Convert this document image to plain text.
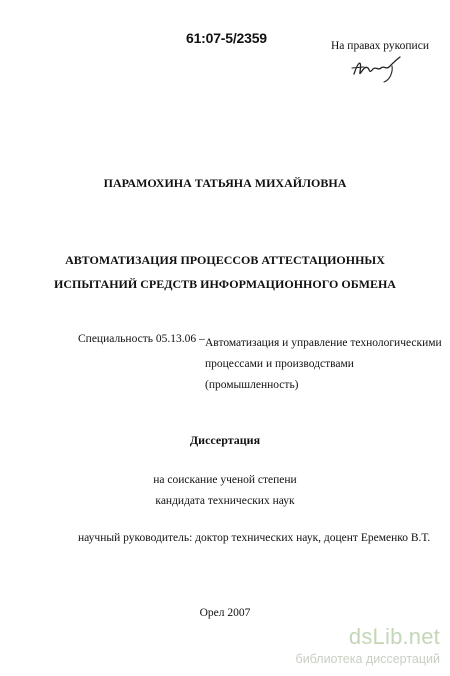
61:07-5/2359	На правах рукописи
ПАРАМОХИНА ТАТЬЯНА МИХАЙЛОВНА
АВТОМАТИЗАЦИЯ ПРОЦЕССОВ АТТЕСТАЦИОННЫХ
ИСПЫТАНИЙ СРЕДСТВ ИНФОРМАЦИОННОГО ОБМЕНА
Специальность 05.13.06 – Автоматизация и управление технологическими
процессами и производствами
(промышленность)
Диссертация
на соискание ученой степени
кандидата технических наук
научный руководитель: доктор технических наук, доцент Еременко В.Т.
Орел 2007
dsLib.net
библиотека диссертаций
